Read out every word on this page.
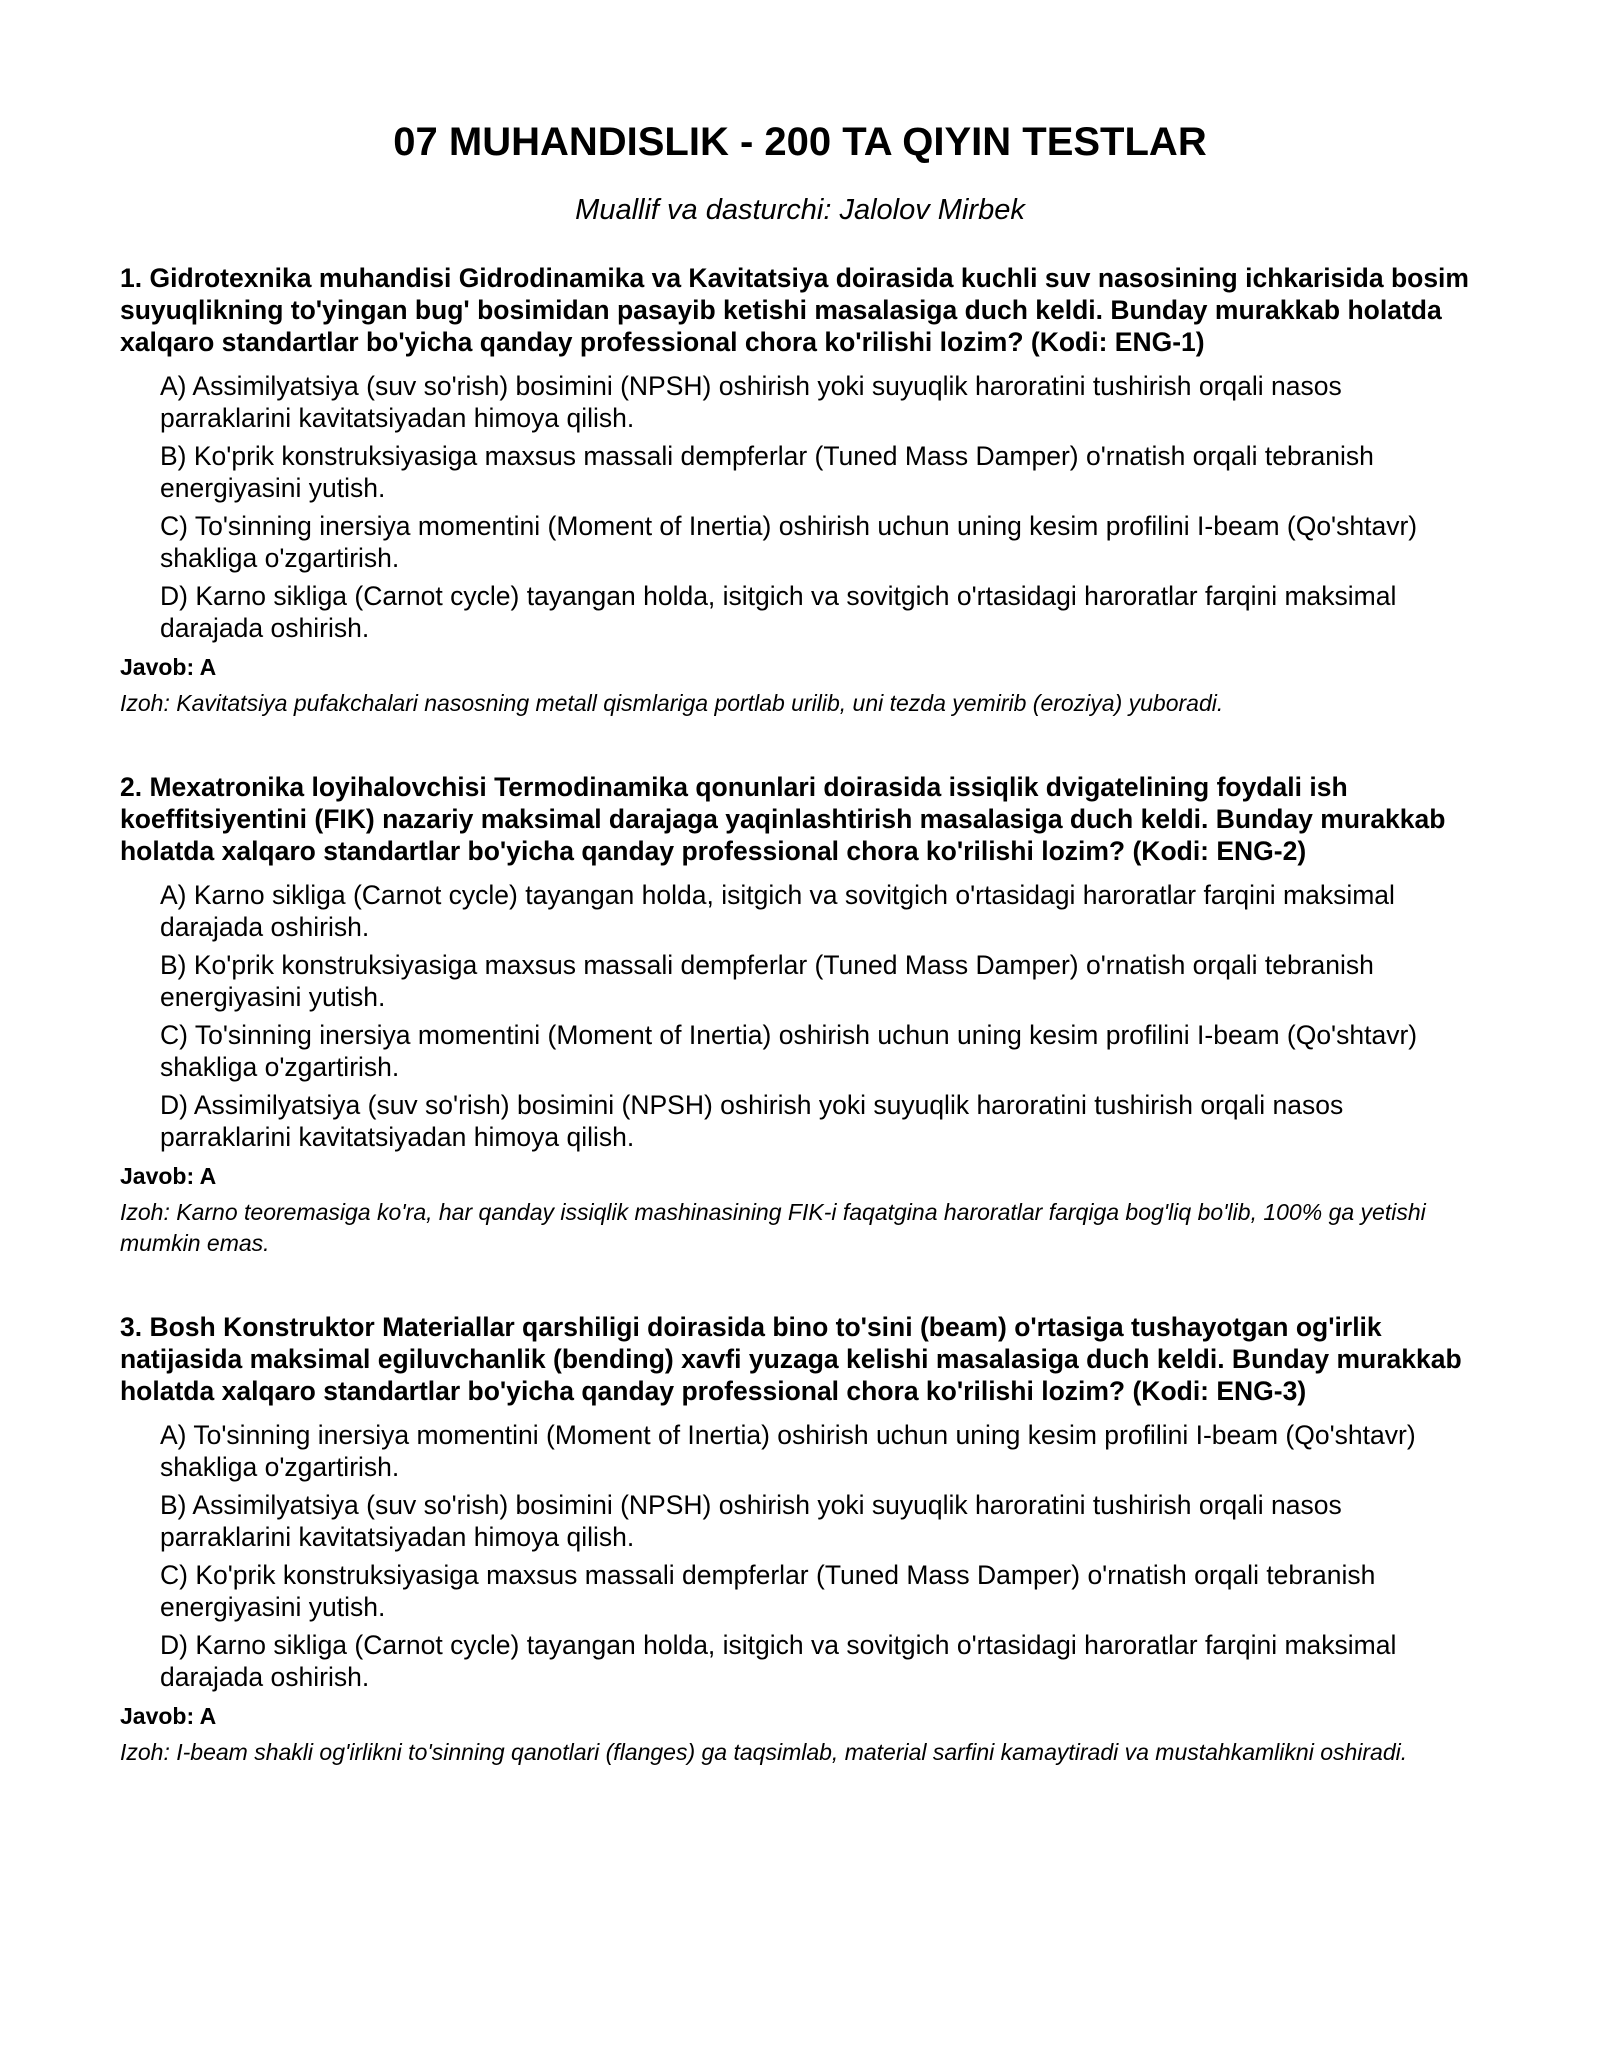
07 MUHANDISLIK - 200 TA QIYIN TESTLAR
Muallif va dasturchi: Jalolov Mirbek
1. Gidrotexnika muhandisi Gidrodinamika va Kavitatsiya doirasida kuchli suv nasosining ichkarisida bosim suyuqlikning to'yingan bug' bosimidan pasayib ketishi masalasiga duch keldi. Bunday murakkab holatda xalqaro standartlar bo'yicha qanday professional chora ko'rilishi lozim? (Kodi: ENG-1)
A) Assimilyatsiya (suv so'rish) bosimini (NPSH) oshirish yoki suyuqlik haroratini tushirish orqali nasos parraklarini kavitatsiyadan himoya qilish.
B) Ko'prik konstruksiyasiga maxsus massali dempferlar (Tuned Mass Damper) o'rnatish orqali tebranish energiyasini yutish.
C) To'sinning inersiya momentini (Moment of Inertia) oshirish uchun uning kesim profilini I-beam (Qo'shtavr) shakliga o'zgartirish.
D) Karno sikliga (Carnot cycle) tayangan holda, isitgich va sovitgich o'rtasidagi haroratlar farqini maksimal darajada oshirish.
Javob: A
Izoh: Kavitatsiya pufakchalari nasosning metall qismlariga portlab urilib, uni tezda yemirib (eroziya) yuboradi.
2. Mexatronika loyihalovchisi Termodinamika qonunlari doirasida issiqlik dvigatelining foydali ish koeffitsiyentini (FIK) nazariy maksimal darajaga yaqinlashtirish masalasiga duch keldi. Bunday murakkab holatda xalqaro standartlar bo'yicha qanday professional chora ko'rilishi lozim? (Kodi: ENG-2)
A) Karno sikliga (Carnot cycle) tayangan holda, isitgich va sovitgich o'rtasidagi haroratlar farqini maksimal darajada oshirish.
B) Ko'prik konstruksiyasiga maxsus massali dempferlar (Tuned Mass Damper) o'rnatish orqali tebranish energiyasini yutish.
C) To'sinning inersiya momentini (Moment of Inertia) oshirish uchun uning kesim profilini I-beam (Qo'shtavr) shakliga o'zgartirish.
D) Assimilyatsiya (suv so'rish) bosimini (NPSH) oshirish yoki suyuqlik haroratini tushirish orqali nasos parraklarini kavitatsiyadan himoya qilish.
Javob: A
Izoh: Karno teoremasiga ko'ra, har qanday issiqlik mashinasining FIK-i faqatgina haroratlar farqiga bog'liq bo'lib, 100% ga yetishi mumkin emas.
3. Bosh Konstruktor Materiallar qarshiligi doirasida bino to'sini (beam) o'rtasiga tushayotgan og'irlik natijasida maksimal egiluvchanlik (bending) xavfi yuzaga kelishi masalasiga duch keldi. Bunday murakkab holatda xalqaro standartlar bo'yicha qanday professional chora ko'rilishi lozim? (Kodi: ENG-3)
A) To'sinning inersiya momentini (Moment of Inertia) oshirish uchun uning kesim profilini I-beam (Qo'shtavr) shakliga o'zgartirish.
B) Assimilyatsiya (suv so'rish) bosimini (NPSH) oshirish yoki suyuqlik haroratini tushirish orqali nasos parraklarini kavitatsiyadan himoya qilish.
C) Ko'prik konstruksiyasiga maxsus massali dempferlar (Tuned Mass Damper) o'rnatish orqali tebranish energiyasini yutish.
D) Karno sikliga (Carnot cycle) tayangan holda, isitgich va sovitgich o'rtasidagi haroratlar farqini maksimal darajada oshirish.
Javob: A
Izoh: I-beam shakli og'irlikni to'sinning qanotlari (flanges) ga taqsimlab, material sarfini kamaytiradi va mustahkamlikni oshiradi.
